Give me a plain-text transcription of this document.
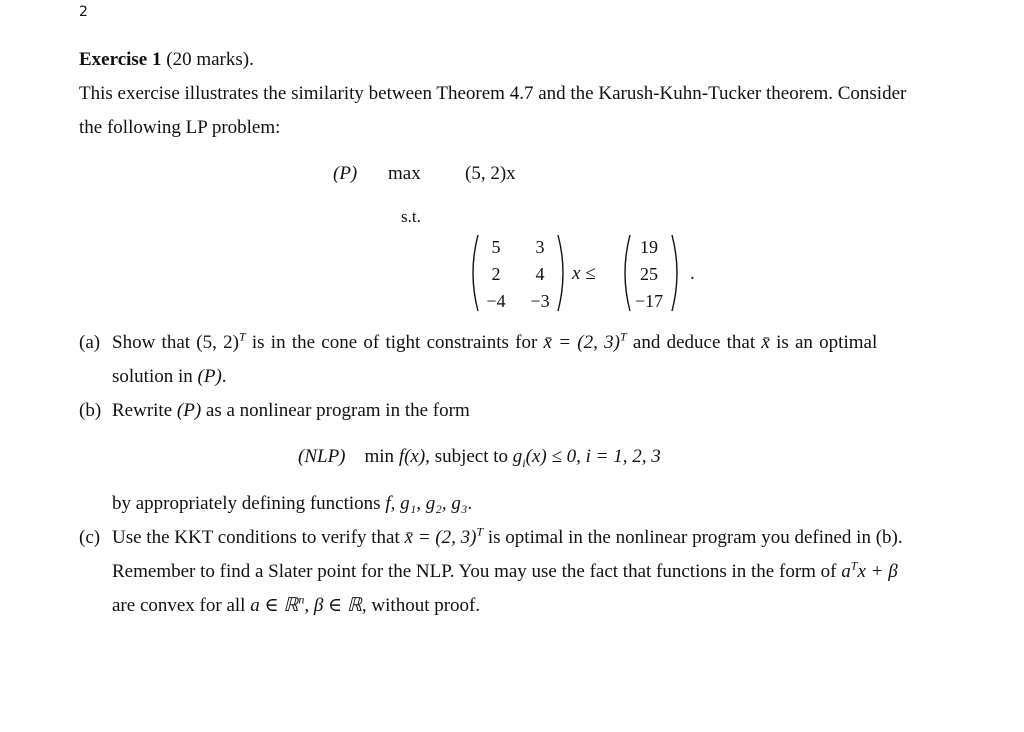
2
Exercise 1 (20 marks).
This exercise illustrates the similarity between Theorem 4.7 and the Karush-Kuhn-Tucker theorem. Consider
the following LP problem:
(P) max (5, 2)x
s.t.
5	3
2	4
−4	−3
x ≤
19
25
−17
.
(a) Show that (5, 2)$^T$ is in the cone of tight constraints for x̄ = (2, 3)$^T$ and deduce that x̄ is an optimal
solution in (P).
(b) Rewrite (P) as a nonlinear program in the form
(NLP) min f(x), subject to $g_i(x) \le 0$, i = 1, 2, 3
by appropriately defining functions f, g₁, g₂, g₃.
(c) Use the KKT conditions to verify that x̄ = (2, 3)$^T$ is optimal in the nonlinear program you defined in (b).
Remember to find a Slater point for the NLP. You may use the fact that functions in the form of $a^Tx + \beta$
are convex for all a ∈ ℝ$^n$, β ∈ ℝ, without proof.
